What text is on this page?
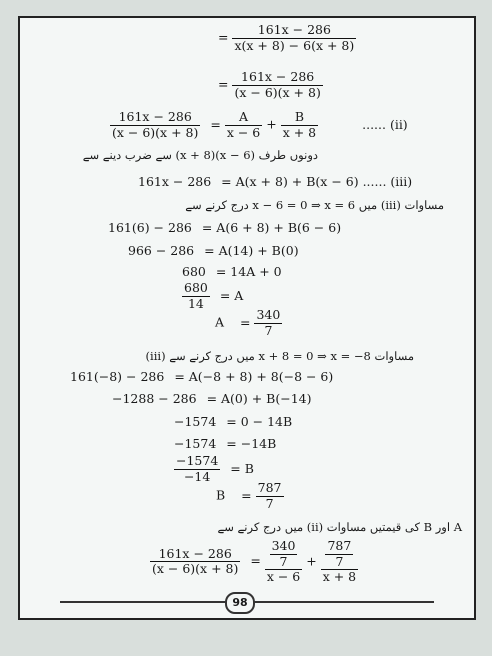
= $\frac{161x - 286}{x(x + 8) - 6(x + 8)}$
= $\frac{161x - 286}{(x - 6)(x + 8)}$
$\frac{161x - 286}{(x - 6)(x + 8)} = \frac{A}{x - 6} + \frac{B}{x + 8}$	...... (ii)
دونوں طرف (x − 6)(x + 8) سے ضرب دینے سے
161x − 286 = A(x + 8) + B(x − 6) ...... (iii)
مساوات (iii) میں x − 6 = 0 ⇒ x = 6 درج کرنے سے
161(6) − 286 = A(6 + 8) + B(6 − 6)
966 − 286 = A(14) + B(0)
680 = 14A + 0
$\frac{680}{14} = A$
$A = \frac{340}{7}$
مساوات x + 8 = 0 ⇒ x = −8 میں درج کرنے سے (iii)
161(−8) − 286 = A(−8 + 8) + 8(−8 − 6)
−1288 − 286 = A(0) + B(−14)
−1574 = 0 − 14B
−1574 = −14B
$\frac{-1574}{-14} = B$
$B = \frac{787}{7}$
A اور B کی قیمتیں مساوات (ii) میں درج کرنے سے
$\frac{161x - 286}{(x - 6)(x + 8)} = \frac{\frac{340}{7}}{x - 6} + \frac{\frac{787}{7}}{x + 8}$
98
